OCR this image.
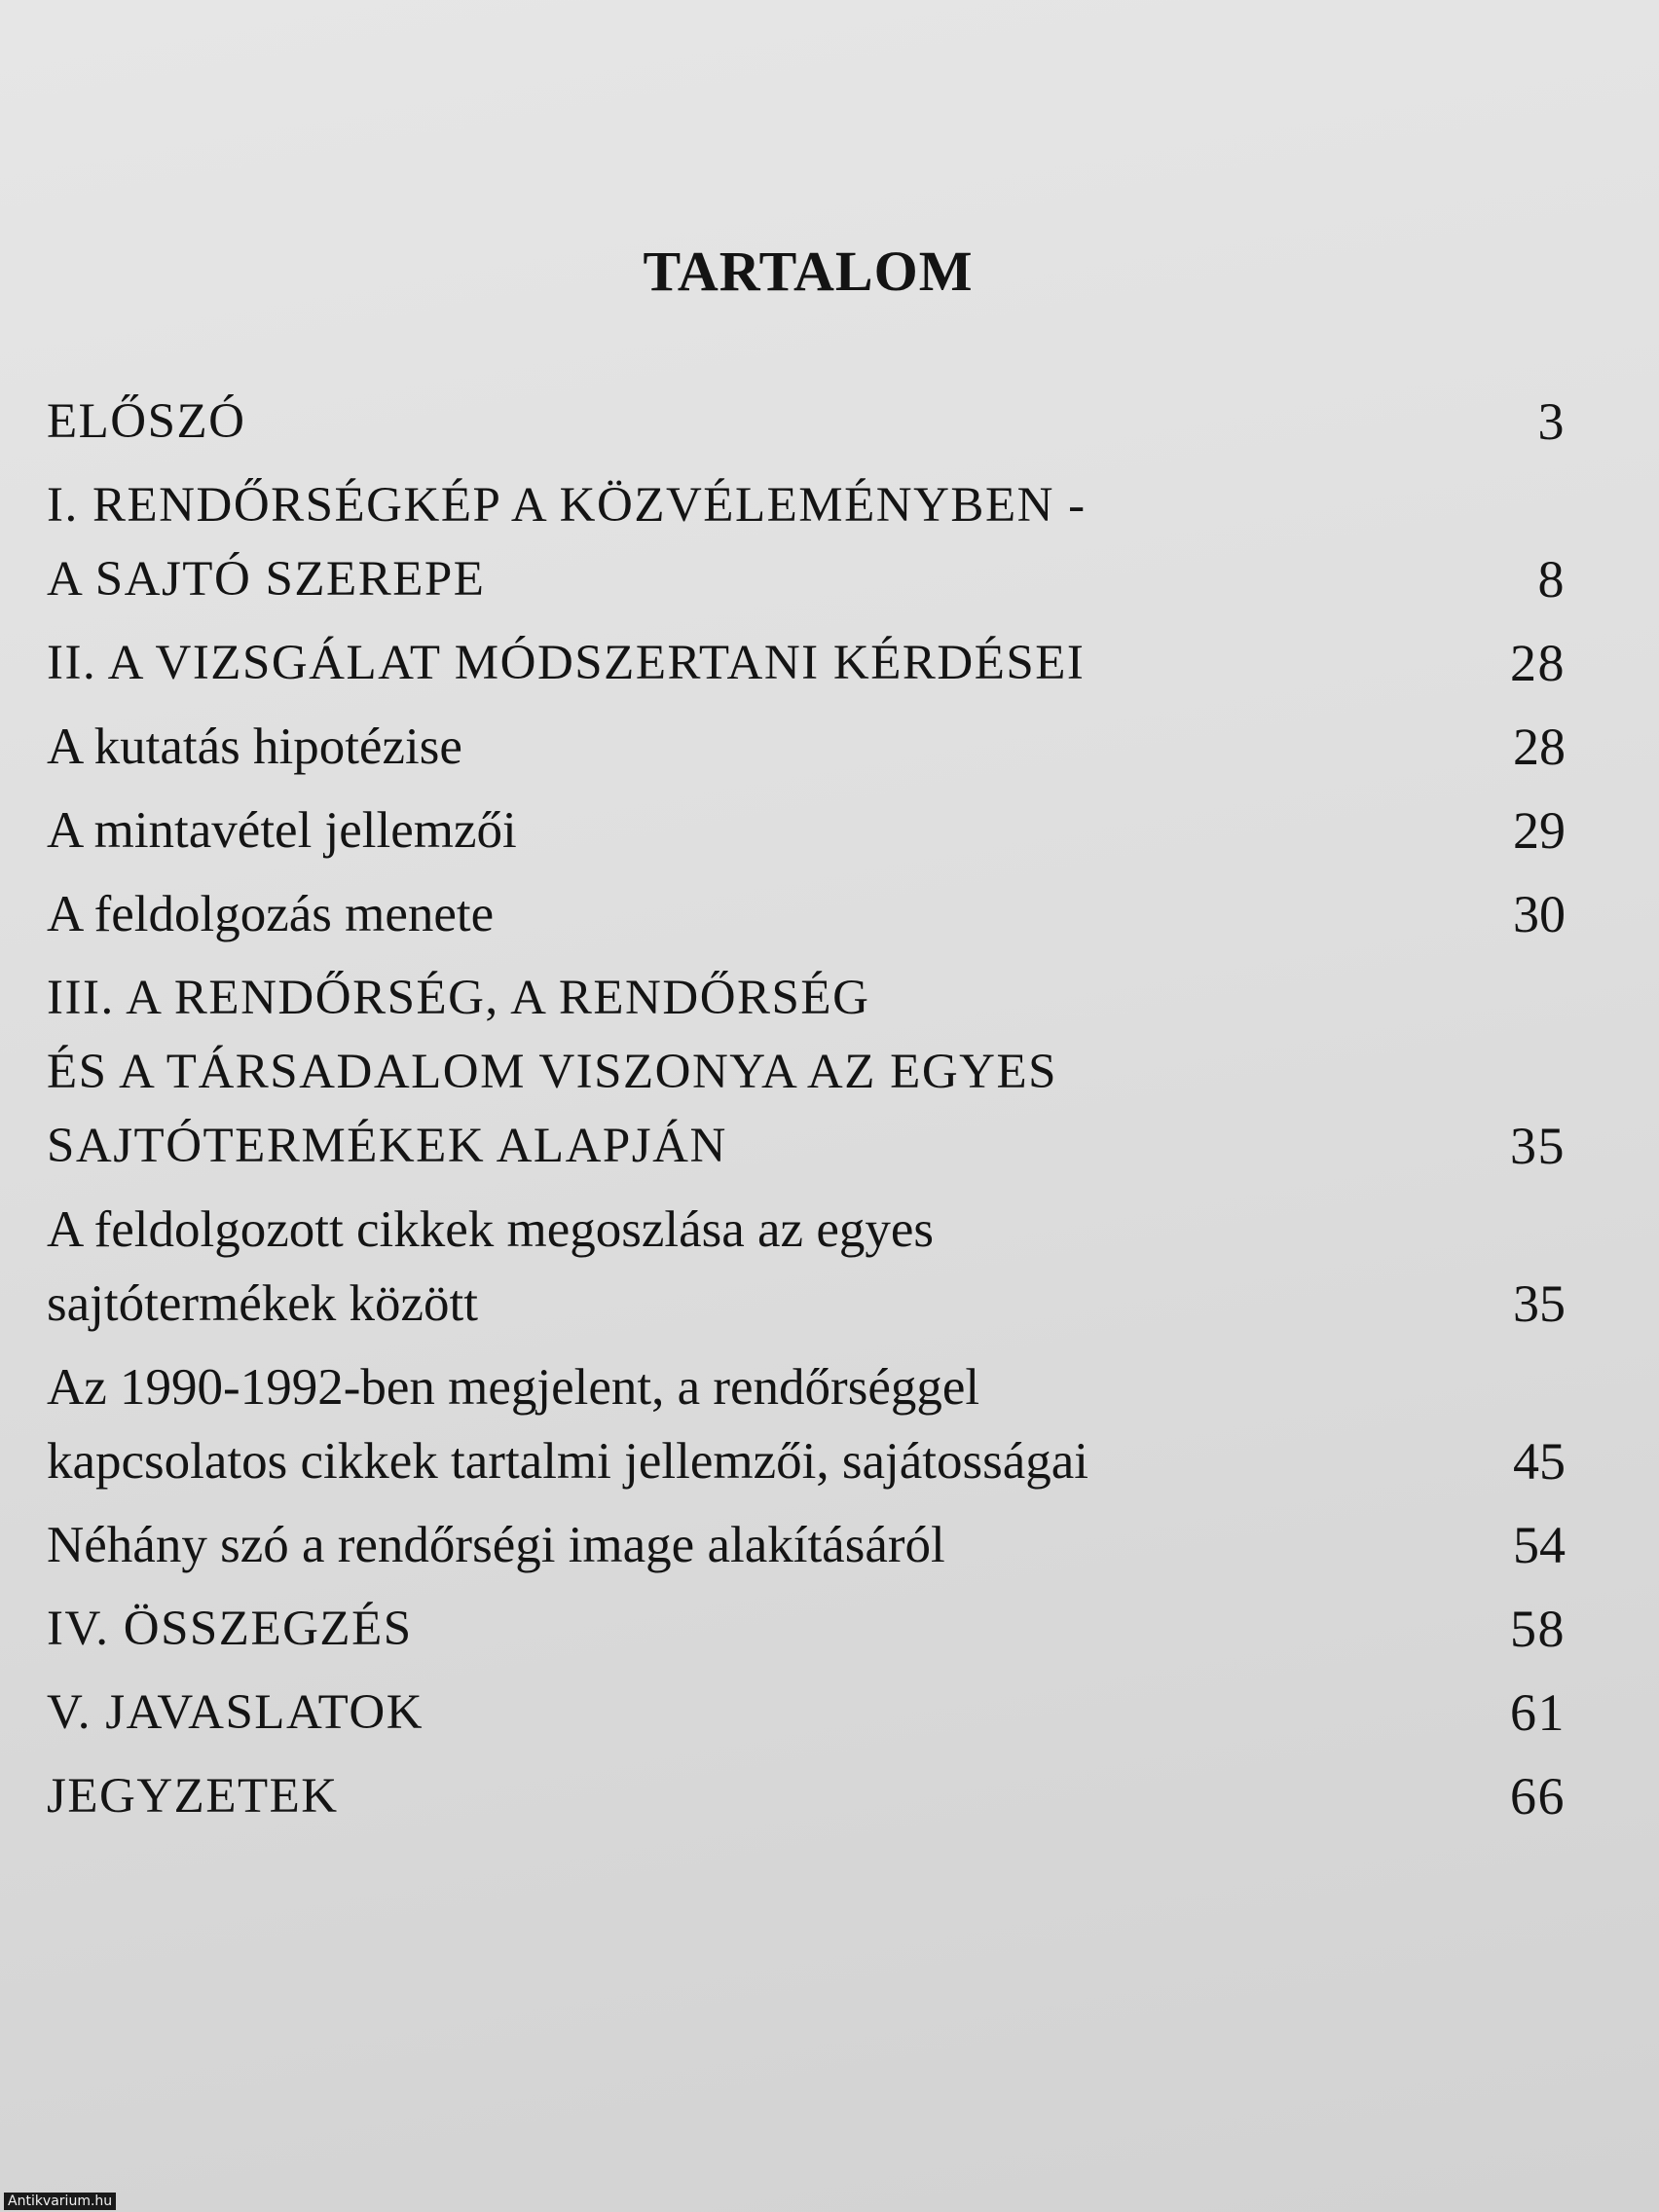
TARTALOM
ELŐSZÓ	3
I. RENDŐRSÉGKÉP A KÖZVÉLEMÉNYBEN -
A SAJTÓ SZEREPE	8
II. A VIZSGÁLAT MÓDSZERTANI KÉRDÉSEI	28
A kutatás hipotézise	28
A mintavétel jellemzői	29
A feldolgozás menete	30
III. A RENDŐRSÉG, A RENDŐRSÉG
ÉS A TÁRSADALOM VISZONYA AZ EGYES
SAJTÓTERMÉKEK ALAPJÁN	35
A feldolgozott cikkek megoszlása az egyes
sajtótermékek között	35
Az 1990-1992-ben megjelent, a rendőrséggel
kapcsolatos cikkek tartalmi jellemzői, sajátosságai	45
Néhány szó a rendőrségi image alakításáról	54
IV. ÖSSZEGZÉS	58
V. JAVASLATOK	61
JEGYZETEK	66
Antikvarium.hu
